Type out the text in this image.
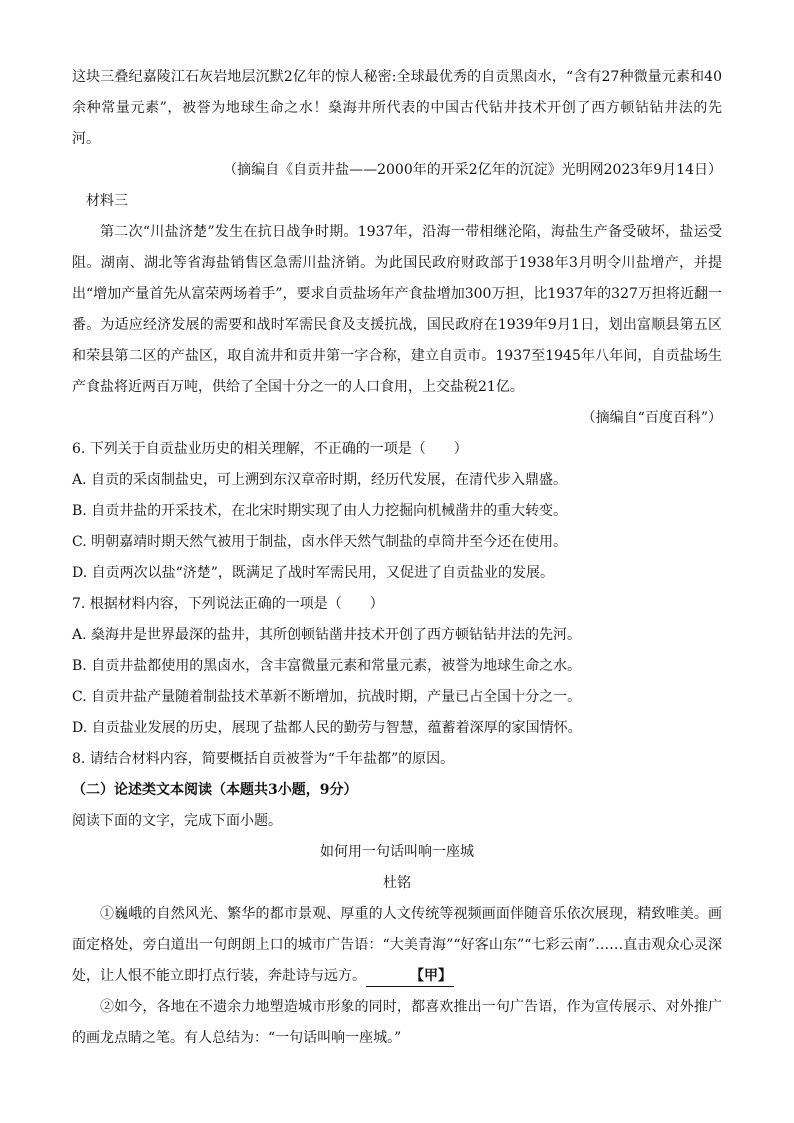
这块三叠纪嘉陵江石灰岩地层沉默2亿年的惊人秘密:全球最优秀的自贡黑卤水，“含有27种微量元素和40余种常量元素”，被誉为地球生命之水！燊海井所代表的中国古代钻井技术开创了西方顿钻钻井法的先河。

（摘编自《自贡井盐——2000年的开采2亿年的沉淀》光明网2023年9月14日）

材料三

第二次“川盐济楚”发生在抗日战争时期。1937年，沿海一带相继沦陷，海盐生产备受破坏，盐运受阻。湖南、湖北等省海盐销售区急需川盐济销。为此国民政府财政部于1938年3月明令川盐增产，并提出“增加产量首先从富荣两场着手”，要求自贡盐场年产食盐增加300万担，比1937年的327万担将近翻一番。为适应经济发展的需要和战时军需民食及支援抗战，国民政府在1939年9月1日，划出富顺县第五区和荣县第二区的产盐区，取自流井和贡井第一字合称，建立自贡市。1937至1945年八年间，自贡盐场生产食盐将近两百万吨，供给了全国十分之一的人口食用，上交盐税21亿。

（摘编自“百度百科”）

6. 下列关于自贡盐业历史的相关理解，不正确的一项是（　　）

A. 自贡的采卤制盐史，可上溯到东汉章帝时期，经历代发展，在清代步入鼎盛。

B. 自贡井盐的开采技术，在北宋时期实现了由人力挖掘向机械凿井的重大转变。

C. 明朝嘉靖时期天然气被用于制盐，卤水伴天然气制盐的卓筒井至今还在使用。

D. 自贡两次以盐“济楚”，既满足了战时军需民用，又促进了自贡盐业的发展。

7. 根据材料内容，下列说法正确的一项是（　　）

A. 燊海井是世界最深的盐井，其所创顿钻凿井技术开创了西方顿钻钻井法的先河。

B. 自贡井盐都使用的黑卤水，含丰富微量元素和常量元素，被誉为地球生命之水。

C. 自贡井盐产量随着制盐技术革新不断增加，抗战时期，产量已占全国十分之一。

D. 自贡盐业发展的历史，展现了盐都人民的勤劳与智慧，蕴蓄着深厚的家国情怀。

8. 请结合材料内容，简要概括自贡被誉为“千年盐都”的原因。

（二）论述类文本阅读（本题共3小题，9分）

阅读下面的文字，完成下面小题。

如何用一句话叫响一座城

杜铭

①巍峨的自然风光、繁华的都市景观、厚重的人文传统等视频画面伴随音乐依次展现，精致唯美。画面定格处，旁白道出一句朗朗上口的城市广告语：“大美青海”“好客山东”“七彩云南”……直击观众心灵深处，让人恨不能立即打点行装，奔赴诗与远方。	【甲】

②如今，各地在不遗余力地塑造城市形象的同时，都喜欢推出一句广告语，作为宣传展示、对外推广的画龙点睛之笔。有人总结为：“一句话叫响一座城。”
